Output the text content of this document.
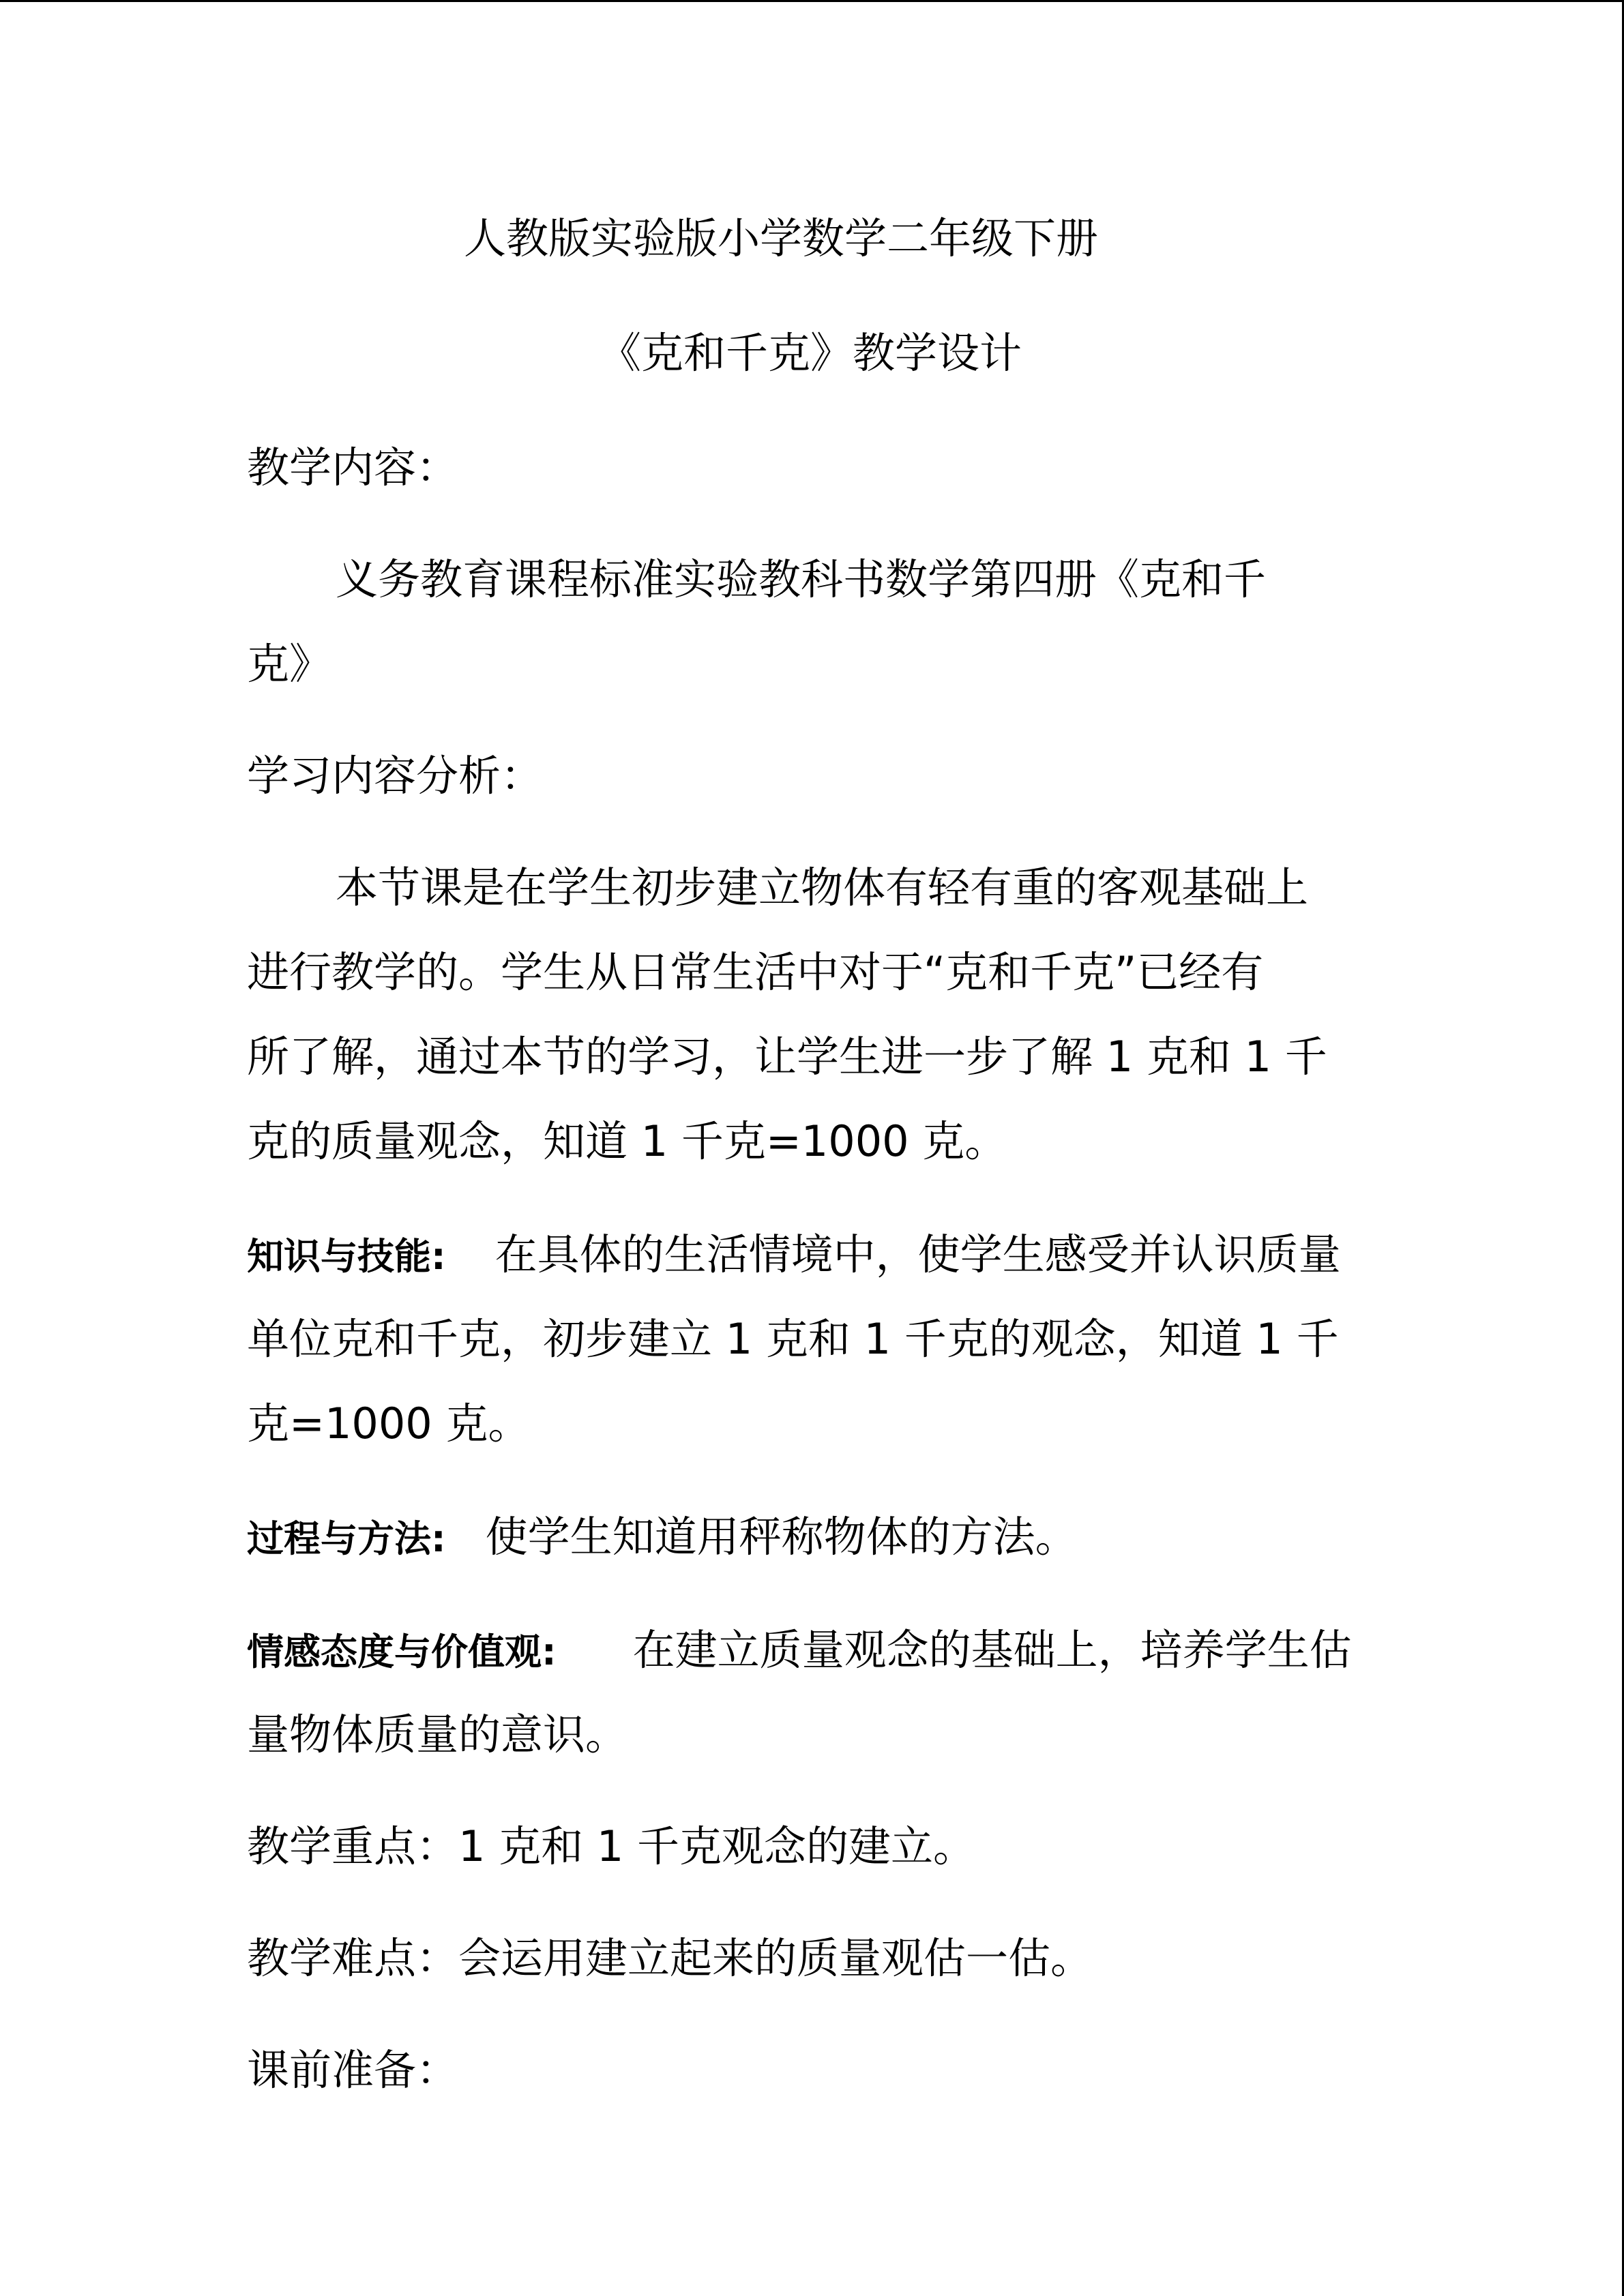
人教版实验版小学数学二年级下册
《克和千克》教学设计
教学内容：
义务教育课程标准实验教科书数学第四册《克和千
克》
学习内容分析：
本节课是在学生初步建立物体有轻有重的客观基础上
进行教学的。学生从日常生活中对于“克和千克”已经有
所了解，通过本节的学习，让学生进一步了解 1 克和 1 千
克的质量观念，知道 1 千克=1000 克。
知识与技能: 在具体的生活情境中，使学生感受并认识质量
单位克和千克，初步建立 1 克和 1 千克的观念，知道 1 千
克=1000 克。
过程与方法: 使学生知道用秤称物体的方法。
情感态度与价值观: 在建立质量观念的基础上，培养学生估
量物体质量的意识。
教学重点：1 克和 1 千克观念的建立。
教学难点：会运用建立起来的质量观估一估。
课前准备：
